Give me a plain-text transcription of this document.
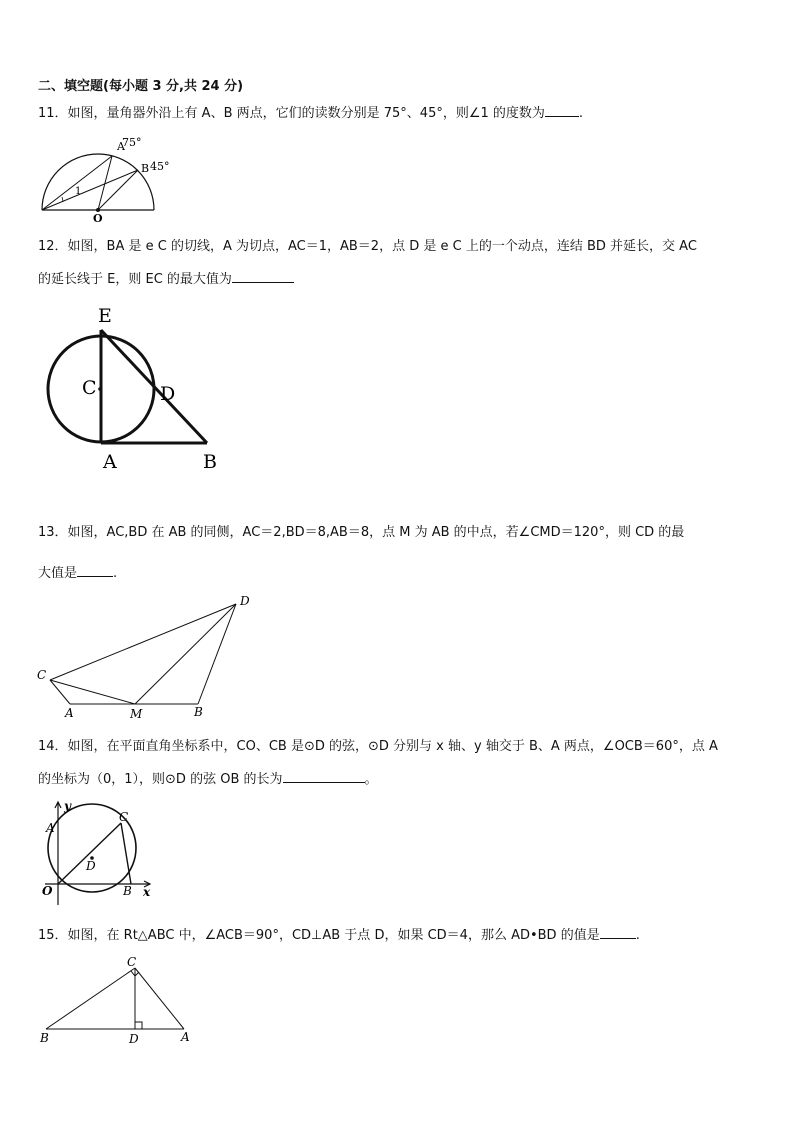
二、填空题(每小题 3 分,共 24 分)
11．如图，量角器外沿上有 A、B 两点，它们的读数分别是 75°、45°，则∠1 的度数为	.
A
75°
B 45°
1
O
E
C	D
A	B
C
D
A	M	B
y
x
A
C
D
O	B
C
B	D	A
12．如图，BA 是 e C 的切线，A 为切点，AC＝1，AB＝2，点 D 是 e C 上的一个动点，连结 BD 并延长，交 AC
的延长线于 E，则 EC 的最大值为
13．如图，AC,BD 在 AB 的同侧，AC＝2,BD＝8,AB＝8，点 M 为 AB 的中点，若∠CMD＝120°，则 CD 的最
大值是	.
14．如图，在平面直角坐标系中，CO、CB 是⊙D 的弦，⊙D 分别与 x 轴、y 轴交于 B、A 两点，∠OCB＝60°，点 A
的坐标为（0，1），则⊙D 的弦 OB 的长为	。
15．如图，在 Rt△ABC 中，∠ACB＝90°，CD⊥AB 于点 D，如果 CD＝4，那么 AD•BD 的值是	.
